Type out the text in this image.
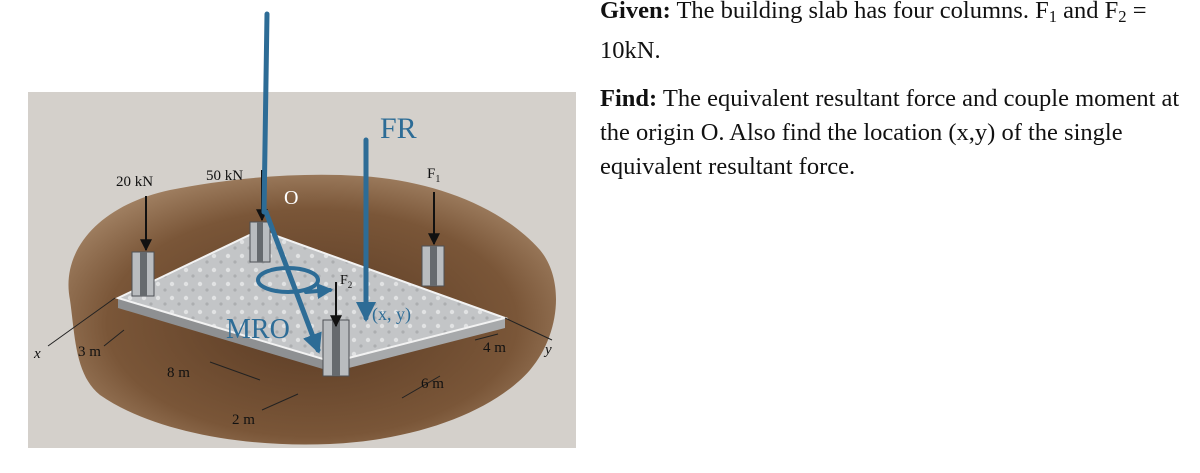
20 kN	50 kN	$F_1$
$F_2$
x	y
3 m
8 m
2 m
6 m
4 m
FR
MRO
O
(x, y)

Given: The building slab has four columns. $F_1$ and $F_2 = 10kN$.

Find: The equivalent resultant force and couple moment at the origin O. Also find the location (x,y) of the single equivalent resultant force.
